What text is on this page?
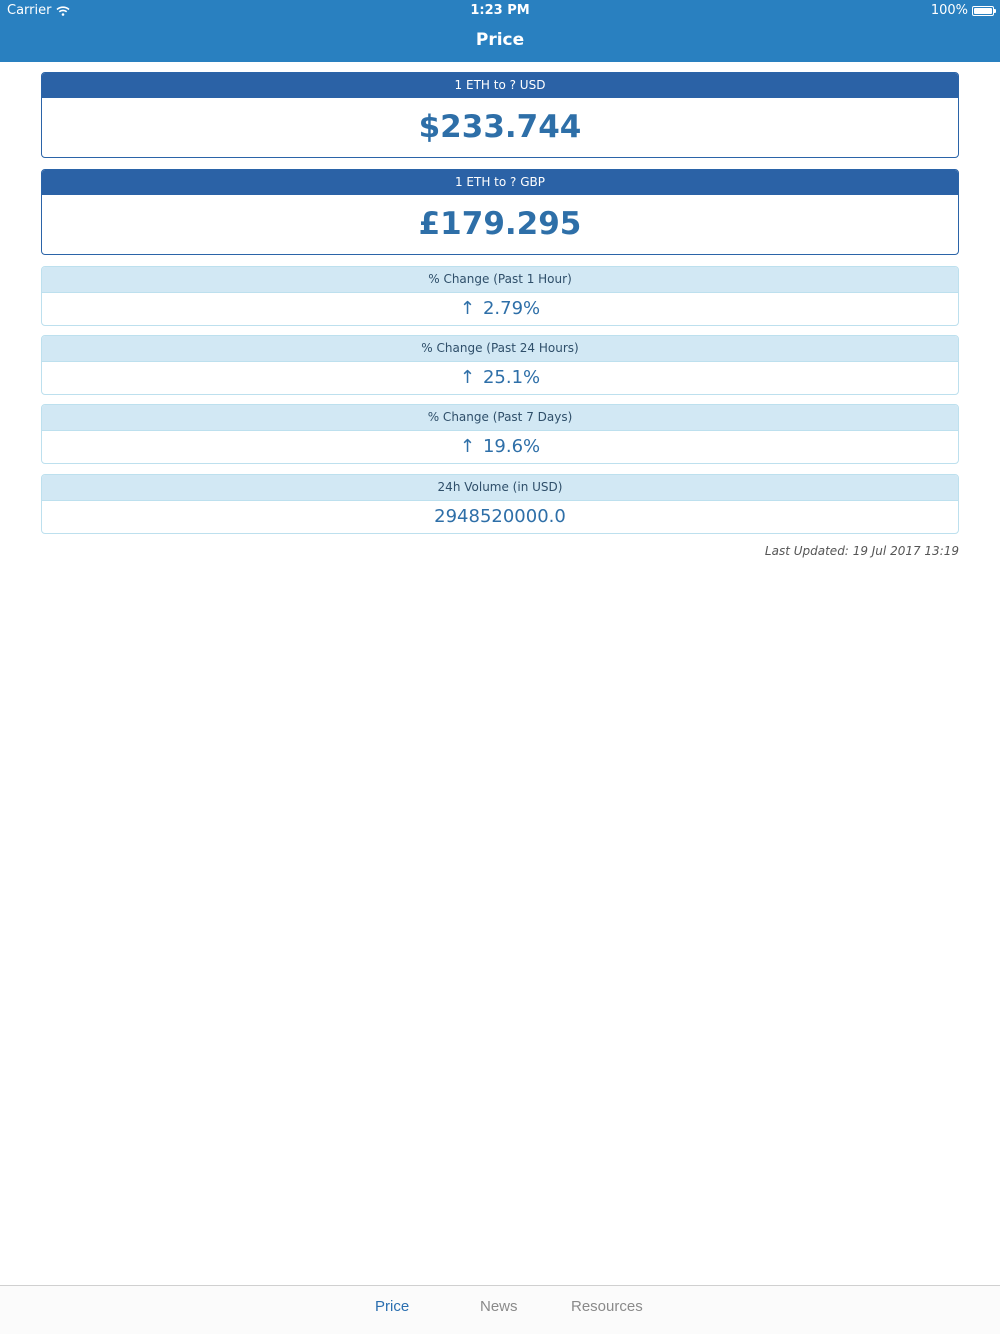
Carrier	1:23 PM	100%
Price
1 ETH to ? USD
$233.744
1 ETH to ? GBP
£179.295
% Change (Past 1 Hour)
↑ 2.79%
% Change (Past 24 Hours)
↑ 25.1%
% Change (Past 7 Days)
↑ 19.6%
24h Volume (in USD)
2948520000.0
Last Updated: 19 Jul 2017 13:19
Price	News	Resources
